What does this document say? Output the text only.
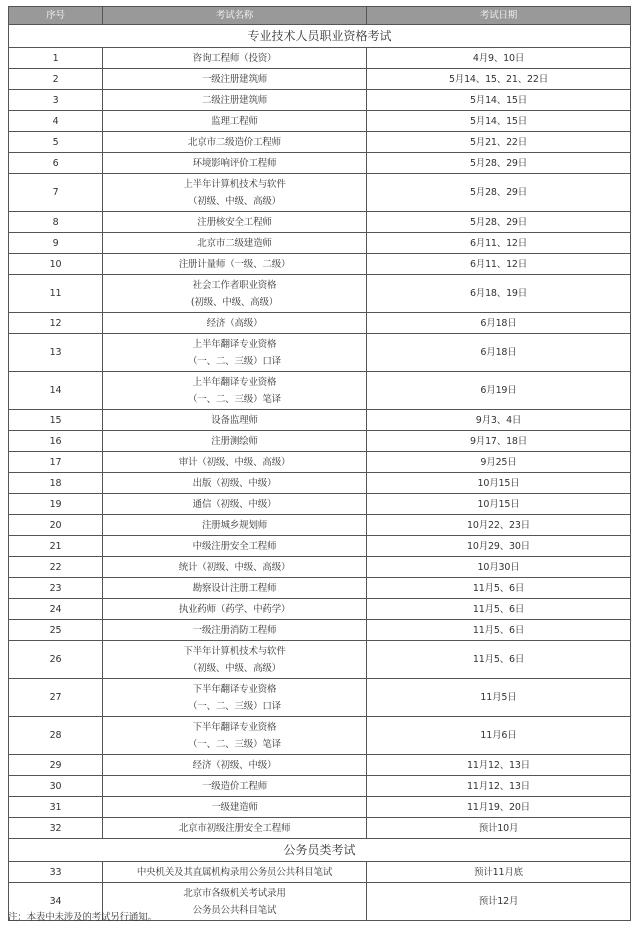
序号	考试名称	考试日期
专业技术人员职业资格考试		
1	咨询工程师（投资）	4月9、10日
2	一级注册建筑师	5月14、15、21、22日
3	二级注册建筑师	5月14、15日
4	监理工程师	5月14、15日
5	北京市二级造价工程师	5月21、22日
6	环境影响评价工程师	5月28、29日
7	上半年计算机技术与软件
（初级、中级、高级）	5月28、29日
8	注册核安全工程师	5月28、29日
9	北京市二级建造师	6月11、12日
10	注册计量师（一级、二级）	6月11、12日
11	社会工作者职业资格
(初级、中级、高级）	6月18、19日
12	经济（高级）	6月18日
13	上半年翻译专业资格
（一、二、三级）口译	6月18日
14	上半年翻译专业资格
（一、二、三级）笔译	6月19日
15	设备监理师	9月3、4日
16	注册测绘师	9月17、18日
17	审计（初级、中级、高级）	9月25日
18	出版（初级、中级）	10月15日
19	通信（初级、中级）	10月15日
20	注册城乡规划师	10月22、23日
21	中级注册安全工程师	10月29、30日
22	统计（初级、中级、高级）	10月30日
23	勘察设计注册工程师	11月5、6日
24	执业药师（药学、中药学）	11月5、6日
25	一级注册消防工程师	11月5、6日
26	下半年计算机技术与软件
（初级、中级、高级）	11月5、6日
27	下半年翻译专业资格
（一、二、三级）口译	11月5日
28	下半年翻译专业资格
（一、二、三级）笔译	11月6日
29	经济（初级、中级）	11月12、13日
30	一级造价工程师	11月12、13日
31	一级建造师	11月19、20日
32	北京市初级注册安全工程师	预计10月
公务员类考试		
33	中央机关及其直属机构录用公务员公共科目笔试	预计11月底
34	北京市各级机关考试录用
公务员公共科目笔试	预计12月
注：本表中未涉及的考试另行通知。
